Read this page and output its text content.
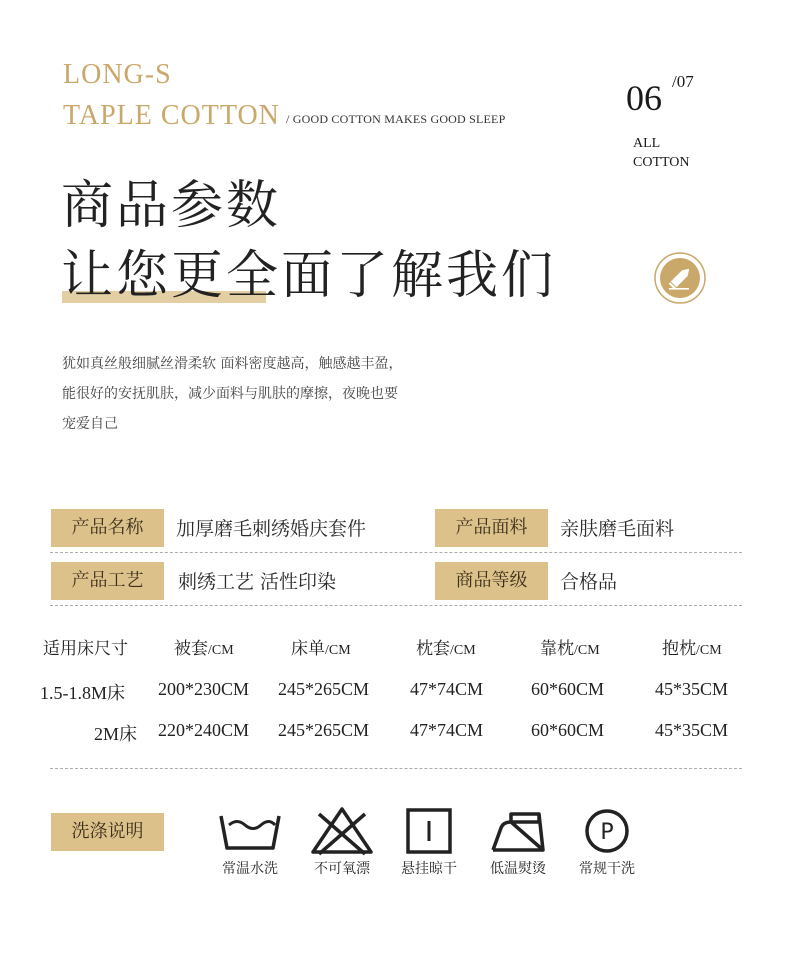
LONG-S
TAPLE COTTON / GOOD COTTON MAKES GOOD SLEEP
06 /07
ALL
COTTON
商品参数
让您更全面了解我们
犹如真丝般细腻丝滑柔软 面料密度越高，触感越丰盈，
能很好的安抚肌肤，减少面料与肌肤的摩擦，夜晚也要
宠爱自己
产品名称	加厚磨毛刺绣婚庆套件	产品面料	亲肤磨毛面料
产品工艺	刺绣工艺 活性印染	商品等级	合格品
适用床尺寸	被套/CM	床单/CM	枕套/CM	靠枕/CM	抱枕/CM
1.5-1.8M床 200*230CM 245*265CM 47*74CM	60*60CM	45*35CM
2M床 220*240CM 245*265CM 47*74CM	60*60CM	45*35CM
洗涤说明	P
常温水洗	不可氧漂	悬挂晾干	低温熨烫	常规干洗
